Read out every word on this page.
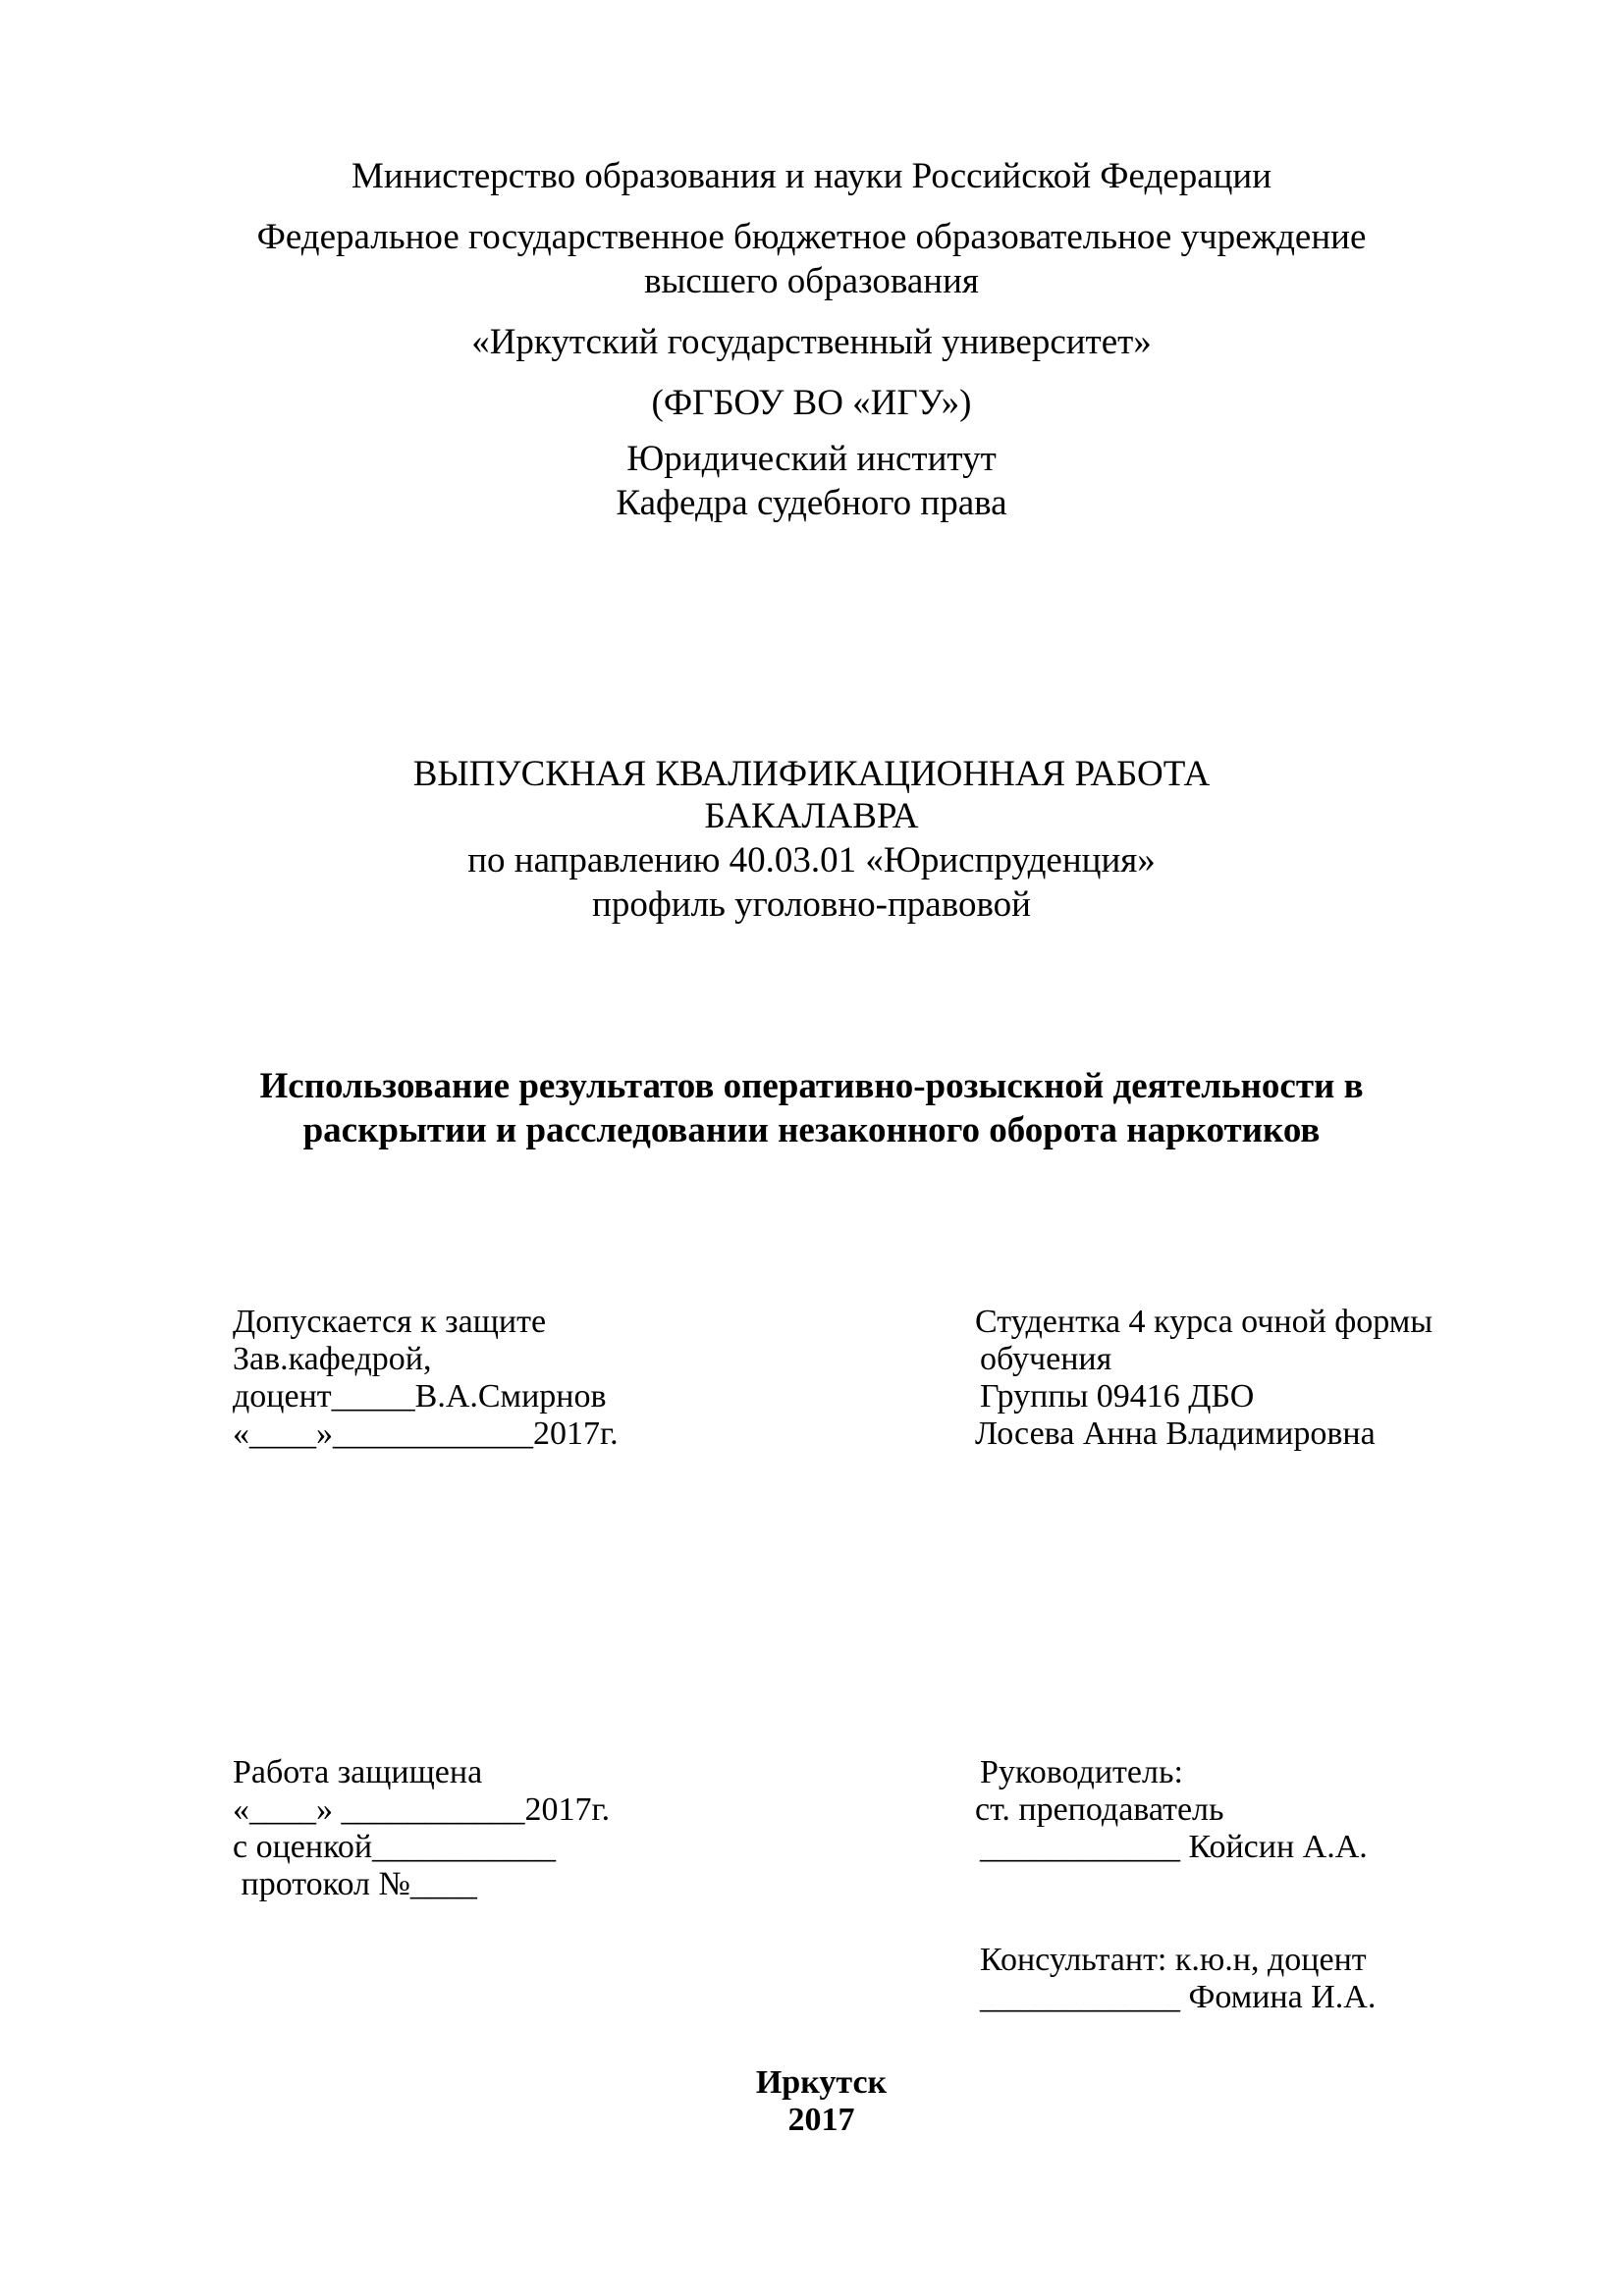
Министерство образования и науки Российской Федерации
Федеральное государственное бюджетное образовательное учреждение
высшего образования
«Иркутский государственный университет»
(ФГБОУ ВО «ИГУ»)
Юридический институт
Кафедра судебного права
ВЫПУСКНАЯ КВАЛИФИКАЦИОННАЯ РАБОТА
БАКАЛАВРА
по направлению 40.03.01 «Юриспруденция»
профиль уголовно-правовой
Использование результатов оперативно-розыскной деятельности в
раскрытии и расследовании незаконного оборота наркотиков
Допускается к защите
Зав.кафедрой,
доцент_____В.А.Смирнов
«____»____________2017г.
Студентка 4 курса очной формы
обучения
Группы 09416 ДБО
Лосева Анна Владимировна
Работа защищена
«____» ___________2017г.
с оценкой___________
протокол №____
Руководитель:
ст. преподаватель
____________ Койсин А.А.
Консультант: к.ю.н, доцент
____________ Фомина И.А.
Иркутск
2017
